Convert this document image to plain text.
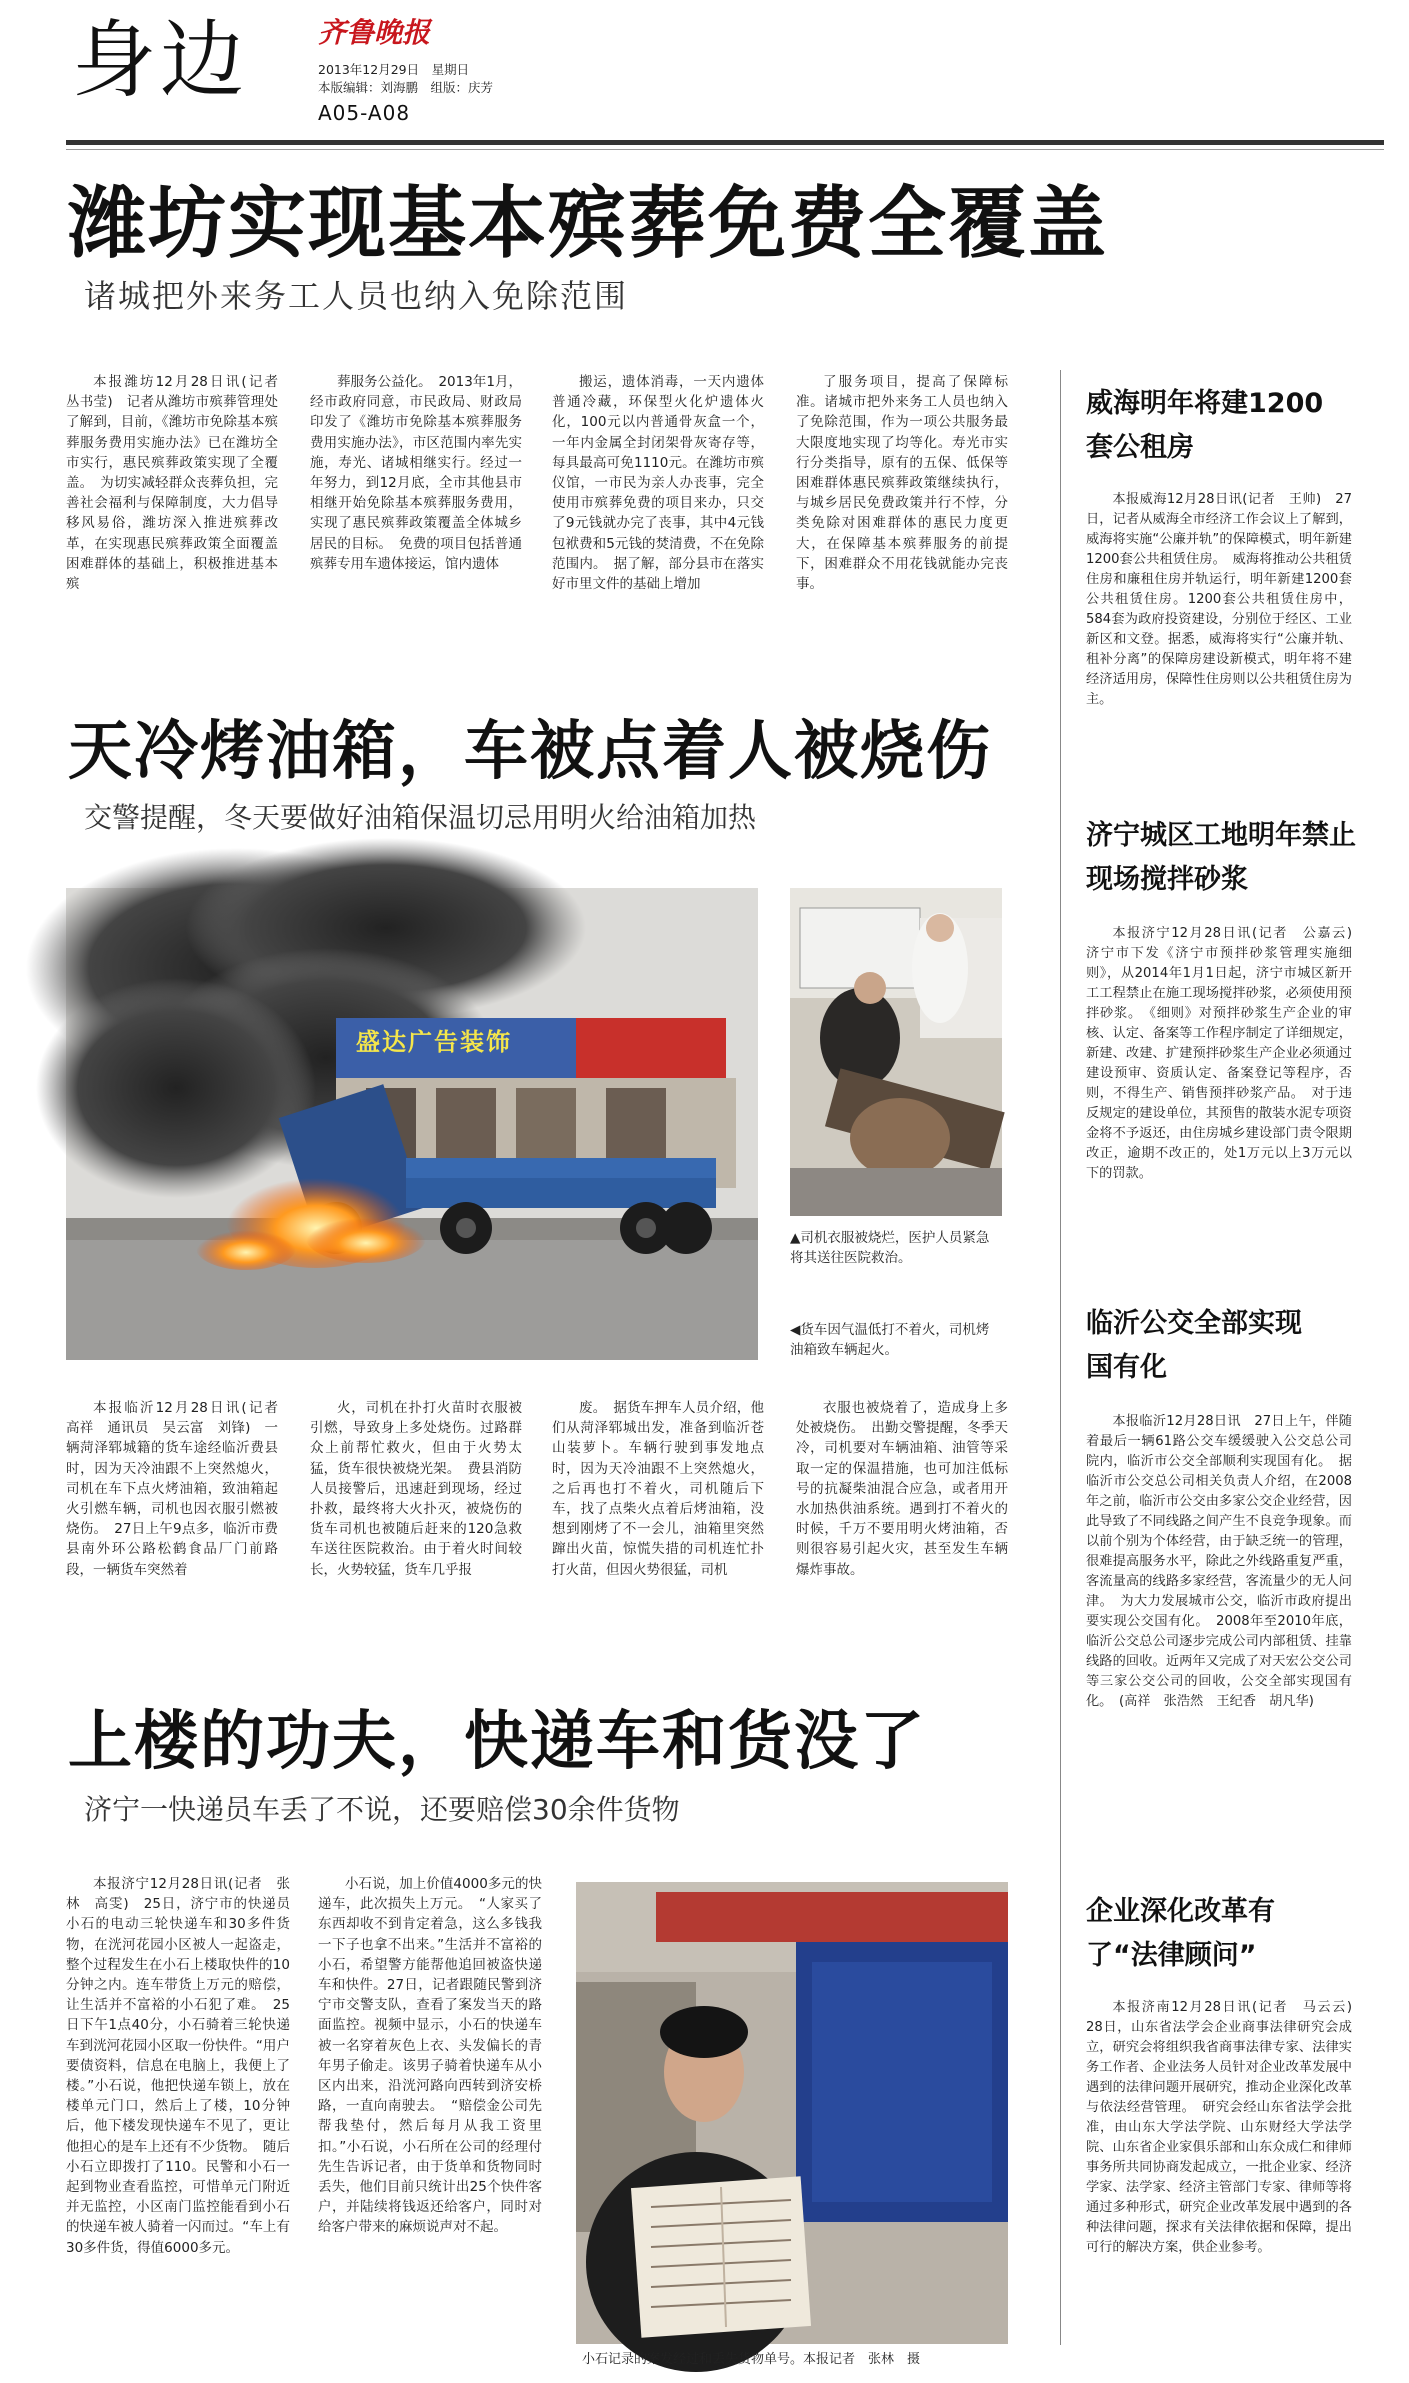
身边 齐鲁晚报
2013年12月29日　星期日
本版编辑：刘海鹏　组版：庆芳
A05-A08
潍坊实现基本殡葬免费全覆盖
诸城把外来务工人员也纳入免除范围

本报潍坊12月28日讯(记者　丛书莹)　记者从潍坊市殡葬管理处了解到，目前，《潍坊市免除基本殡葬服务费用实施办法》已在潍坊全市实行，惠民殡葬政策实现了全覆盖。　为切实减轻群众丧葬负担，完善社会福利与保障制度，大力倡导移风易俗，潍坊深入推进殡葬改革，在实现惠民殡葬政策全面覆盖困难群体的基础上，积极推进基本殡

葬服务公益化。　2013年1月，经市政府同意，市民政局、财政局印发了《潍坊市免除基本殡葬服务费用实施办法》，市区范围内率先实施，寿光、诸城相继实行。经过一年努力，到12月底，全市其他县市相继开始免除基本殡葬服务费用，实现了惠民殡葬政策覆盖全体城乡居民的目标。　免费的项目包括普通殡葬专用车遗体接运，馆内遗体

搬运，遗体消毒，一天内遗体普通冷藏，环保型火化炉遗体火化，100元以内普通骨灰盒一个，一年内金属全封闭架骨灰寄存等，每具最高可免1110元。在潍坊市殡仪馆，一市民为亲人办丧事，完全使用市殡葬免费的项目来办，只交了9元钱就办完了丧事，其中4元钱包袱费和5元钱的焚清费，不在免除范围内。　据了解，部分县市在落实好市里文件的基础上增加

了服务项目，提高了保障标准。诸城市把外来务工人员也纳入了免除范围，作为一项公共服务最大限度地实现了均等化。寿光市实行分类指导，原有的五保、低保等困难群体惠民殡葬政策继续执行，与城乡居民免费政策并行不悖，分类免除对困难群体的惠民力度更大，在保障基本殡葬服务的前提下，困难群众不用花钱就能办完丧事。

天冷烤油箱，车被点着人被烧伤
交警提醒，冬天要做好油箱保温切忌用明火给油箱加热
盛达广告装饰
▲司机衣服被烧烂，医护人员紧急将其送往医院救治。
◀货车因气温低打不着火，司机烤油箱致车辆起火。

本报临沂12月28日讯(记者　高祥　通讯员　吴云富　刘锋)　一辆菏泽郓城籍的货车途经临沂费县时，因为天冷油跟不上突然熄火，司机在车下点火烤油箱，致油箱起火引燃车辆，司机也因衣服引燃被烧伤。　27日上午9点多，临沂市费县南外环公路松鹤食品厂门前路段，一辆货车突然着

火，司机在扑打火苗时衣服被引燃，导致身上多处烧伤。过路群众上前帮忙救火，但由于火势太猛，货车很快被烧光架。　费县消防人员接警后，迅速赶到现场，经过扑救，最终将大火扑灭，被烧伤的货车司机也被随后赶来的120急救车送往医院救治。由于着火时间较长，火势较猛，货车几乎报

废。　据货车押车人员介绍，他们从菏泽郓城出发，准备到临沂苍山装萝卜。车辆行驶到事发地点时，因为天冷油跟不上突然熄火，之后再也打不着火，司机随后下车，找了点柴火点着后烤油箱，没想到刚烤了不一会儿，油箱里突然蹿出火苗，惊慌失措的司机连忙扑打火苗，但因火势很猛，司机

衣服也被烧着了，造成身上多处被烧伤。　出勤交警提醒，冬季天冷，司机要对车辆油箱、油管等采取一定的保温措施，也可加注低标号的抗凝柴油混合应急，或者用开水加热供油系统。遇到打不着火的时候，千万不要用明火烤油箱，否则很容易引起火灾，甚至发生车辆爆炸事故。

上楼的功夫，快递车和货没了
济宁一快递员车丢了不说，还要赔偿30余件货物

本报济宁12月28日讯(记者　张林　高雯)　25日，济宁市的快递员小石的电动三轮快递车和30多件货物，在洸河花园小区被人一起盗走，整个过程发生在小石上楼取快件的10分钟之内。连车带货上万元的赔偿，让生活并不富裕的小石犯了难。　25日下午1点40分，小石骑着三轮快递车到洸河花园小区取一份快件。“用户要债资料，信息在电脑上，我便上了楼。”小石说，他把快递车锁上，放在楼单元门口，然后上了楼，10分钟后，他下楼发现快递车不见了，更让他担心的是车上还有不少货物。　随后小石立即拨打了110。民警和小石一起到物业查看监控，可惜单元门附近并无监控，小区南门监控能看到小石的快递车被人骑着一闪而过。“车上有30多件货，得值6000多元。

小石说，加上价值4000多元的快递车，此次损失上万元。　“人家买了东西却收不到肯定着急，这么多钱我一下子也拿不出来。”生活并不富裕的小石，希望警方能帮他追回被盗快递车和快件。27日，记者跟随民警到济宁市交警支队，查看了案发当天的路面监控。视频中显示，小石的快递车被一名穿着灰色上衣、头发偏长的青年男子偷走。该男子骑着快递车从小区内出来，沿洸河路向西转到济安桥路，一直向南驶去。　“赔偿金公司先帮我垫付，然后每月从我工资里扣。”小石说，小石所在公司的经理付先生告诉记者，由于货单和货物同时丢失，他们目前只统计出25个快件客户，并陆续将钱返还给客户，同时对给客户带来的麻烦说声对不起。

小石记录的案发经过和丢失货物单号。本报记者　张林　摄
威海明年将建1200套公租房

本报威海12月28日讯(记者　王帅)　27日，记者从威海全市经济工作会议上了解到，威海将实施“公廉并轨”的保障模式，明年新建1200套公共租赁住房。　威海将推动公共租赁住房和廉租住房并轨运行，明年新建1200套公共租赁住房。1200套公共租赁住房中，584套为政府投资建设，分别位于经区、工业新区和文登。据悉，威海将实行“公廉并轨、租补分离”的保障房建设新模式，明年将不建经济适用房，保障性住房则以公共租赁住房为主。

济宁城区工地明年禁止现场搅拌砂浆

本报济宁12月28日讯(记者　公嘉云)　济宁市下发《济宁市预拌砂浆管理实施细则》，从2014年1月1日起，济宁市城区新开工工程禁止在施工现场搅拌砂浆，必须使用预拌砂浆。　《细则》对预拌砂浆生产企业的审核、认定、备案等工作程序制定了详细规定，新建、改建、扩建预拌砂浆生产企业必须通过建设预审、资质认定、备案登记等程序，否则，不得生产、销售预拌砂浆产品。　对于违反规定的建设单位，其预售的散装水泥专项资金将不予返还，由住房城乡建设部门责令限期改正，逾期不改正的，处1万元以上3万元以下的罚款。

临沂公交全部实现国有化

本报临沂12月28日讯　27日上午，伴随着最后一辆61路公交车缓缓驶入公交总公司院内，临沂市公交全部顺利实现国有化。　据临沂市公交总公司相关负责人介绍，在2008年之前，临沂市公交由多家公交企业经营，因此导致了不同线路之间产生不良竞争现象。而以前个别为个体经营，由于缺乏统一的管理，很难提高服务水平，除此之外线路重复严重，客流量高的线路多家经营，客流量少的无人问津。　为大力发展城市公交，临沂市政府提出要实现公交国有化。　2008年至2010年底，临沂公交总公司逐步完成公司内部租赁、挂靠线路的回收。近两年又完成了对天宏公交公司等三家公交公司的回收，公交全部实现国有化。　(高祥　张浩然　王纪香　胡凡华)

企业深化改革有了“法律顾问”

本报济南12月28日讯(记者　马云云)　28日，山东省法学会企业商事法律研究会成立，研究会将组织我省商事法律专家、法律实务工作者、企业法务人员针对企业改革发展中遇到的法律问题开展研究，推动企业深化改革与依法经营管理。　研究会经山东省法学会批准，由山东大学法学院、山东财经大学法学院、山东省企业家俱乐部和山东众成仁和律师事务所共同协商发起成立，一批企业家、经济学家、法学家、经济主管部门专家、律师等将通过多种形式，研究企业改革发展中遇到的各种法律问题，探求有关法律依据和保障，提出可行的解决方案，供企业参考。
